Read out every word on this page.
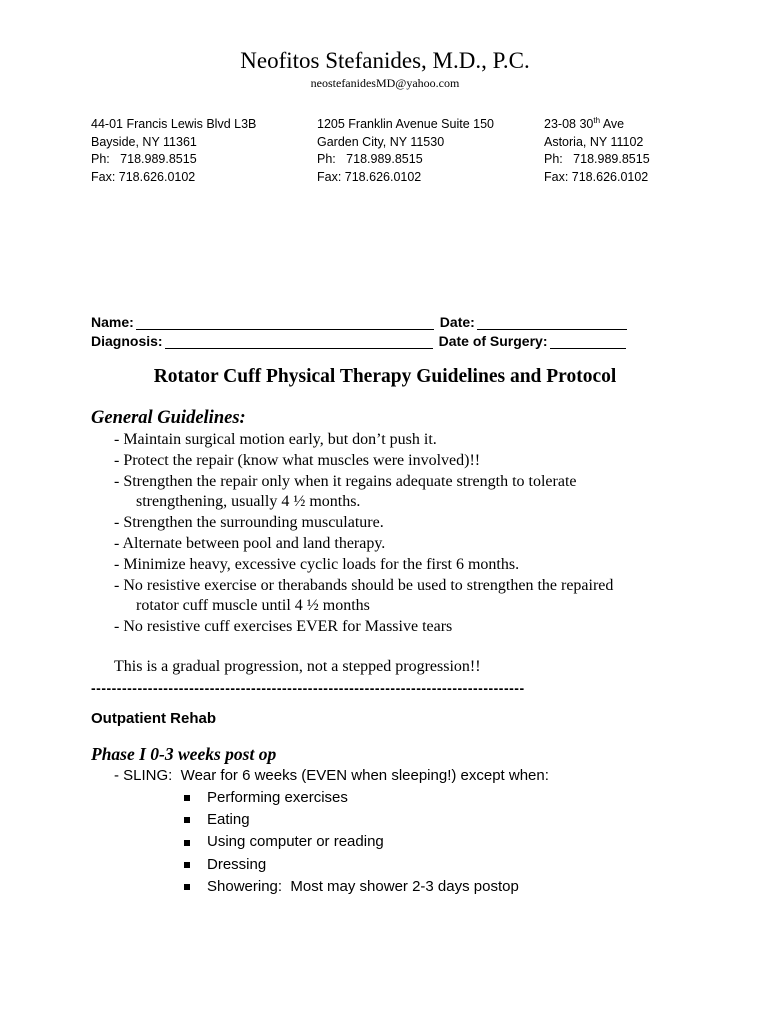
Neofitos Stefanides, M.D., P.C.
neostefanidesMD@yahoo.com
44-01 Francis Lewis Blvd L3B
Bayside, NY 11361
Ph:   718.989.8515
Fax: 718.626.0102
1205 Franklin Avenue Suite 150
Garden City, NY 11530
Ph:   718.989.8515
Fax: 718.626.0102
23-08 30th Ave
Astoria, NY 11102
Ph:   718.989.8515
Fax: 718.626.0102
Name:	Date:
Diagnosis:	Date of Surgery:
Rotator Cuff Physical Therapy Guidelines and Protocol
General Guidelines:
- Maintain surgical motion early, but don’t push it.
- Protect the repair (know what muscles were involved)!!
- Strengthen the repair only when it regains adequate strength to tolerate
strengthening, usually 4 ½ months.
- Strengthen the surrounding musculature.
- Alternate between pool and land therapy.
- Minimize heavy, excessive cyclic loads for the first 6 months.
- No resistive exercise or therabands should be used to strengthen the repaired
rotator cuff muscle until 4 ½ months
- No resistive cuff exercises EVER for Massive tears
This is a gradual progression, not a stepped progression!!
------------------------------------------------------------------------------------
Outpatient Rehab
Phase I 0-3 weeks post op
- SLING:  Wear for 6 weeks (EVEN when sleeping!) except when:
Performing exercises
Eating
Using computer or reading
Dressing
Showering:  Most may shower 2-3 days postop
